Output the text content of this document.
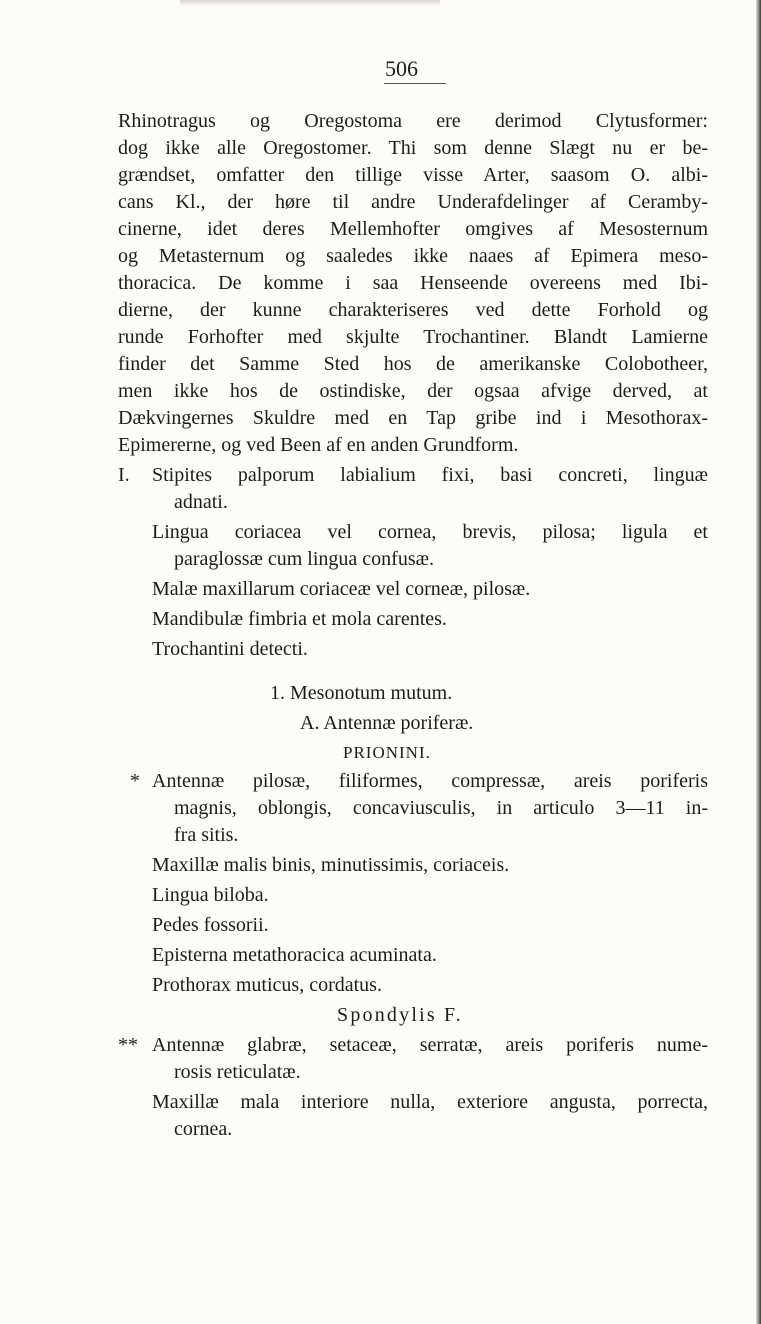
506
Rhinotragus og Oregostoma ere derimod Clytusformer:
dog ikke alle Oregostomer. Thi som denne Slægt nu er be-
grændset, omfatter den tillige visse Arter, saasom O. albi-
cans Kl., der høre til andre Underafdelinger af Ceramby-
cinerne, idet deres Mellemhofter omgives af Mesosternum
og Metasternum og saaledes ikke naaes af Epimera meso-
thoracica. De komme i saa Henseende overeens med Ibi-
dierne, der kunne charakteriseres ved dette Forhold og
runde Forhofter med skjulte Trochantiner. Blandt Lamierne
finder det Samme Sted hos de amerikanske Colobotheer,
men ikke hos de ostindiske, der ogsaa afvige derved, at
Dækvingernes Skuldre med en Tap gribe ind i Mesothorax-
Epimererne, og ved Been af en anden Grundform.
I. Stipites palporum labialium fixi, basi concreti, linguæ
adnati.
Lingua coriacea vel cornea, brevis, pilosa; ligula et
paraglossæ cum lingua confusæ.
Malæ maxillarum coriaceæ vel corneæ, pilosæ.
Mandibulæ fimbria et mola carentes.
Trochantini detecti.
1. Mesonotum mutum.
A. Antennæ poriferæ.
PRIONINI.
* Antennæ pilosæ, filiformes, compressæ, areis poriferis
magnis, oblongis, concaviusculis, in articulo 3—11 in-
fra sitis.
Maxillæ malis binis, minutissimis, coriaceis.
Lingua biloba.
Pedes fossorii.
Episterna metathoracica acuminata.
Prothorax muticus, cordatus.
Spondylis F.
** Antennæ glabræ, setaceæ, serratæ, areis poriferis nume-
rosis reticulatæ.
Maxillæ mala interiore nulla, exteriore angusta, porrecta,
cornea.
